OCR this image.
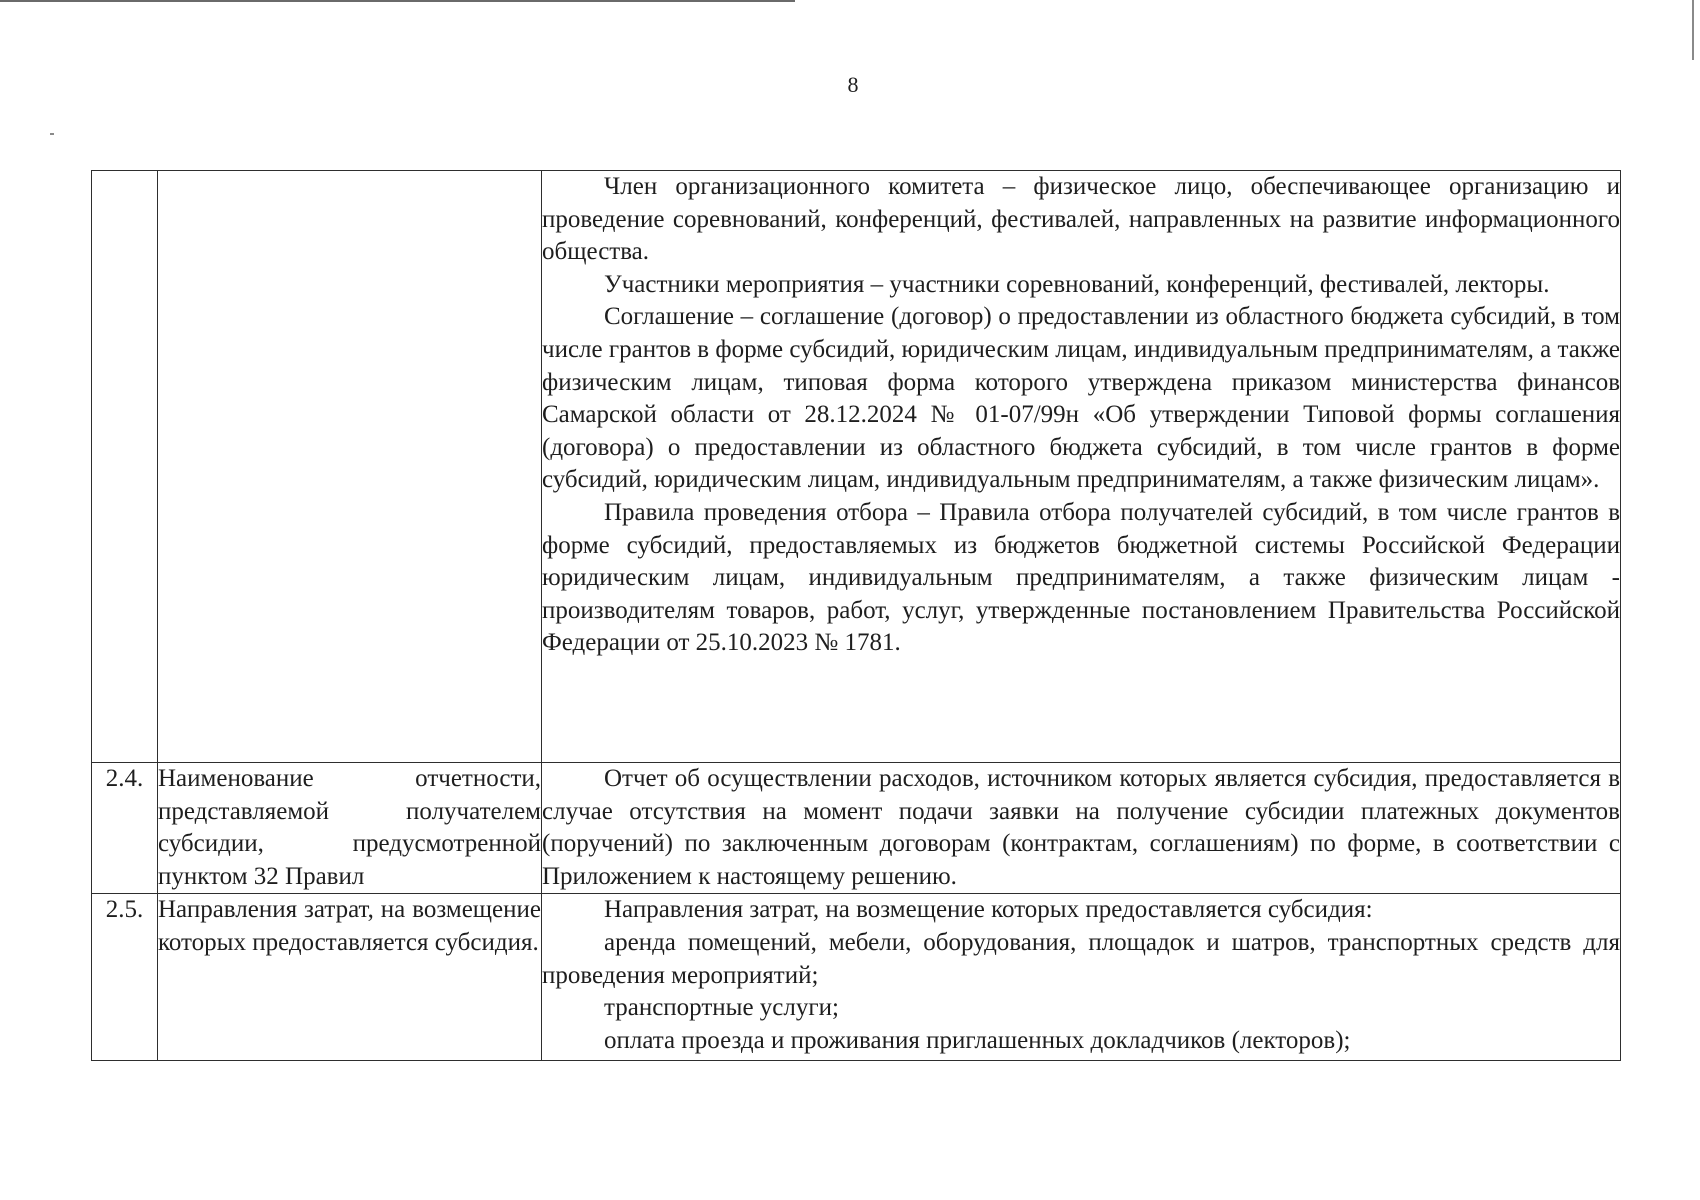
8

		Член организационного комитета – физическое лицо, обеспечивающее организацию и проведение соревнований, конференций, фестивалей, направленных на развитие информационного общества.

Участники мероприятия – участники соревнований, конференций, фестивалей, лекторы.

Соглашение – соглашение (договор) о предоставлении из областного бюджета субсидий, в том числе грантов в форме субсидий, юридическим лицам, индивидуальным предпринимателям, а также физическим лицам, типовая форма которого утверждена приказом министерства финансов Самарской области от 28.12.2024 № 01-07/99н «Об утверждении Типовой формы соглашения (договора) о предоставлении из областного бюджета субсидий, в том числе грантов в форме субсидий, юридическим лицам, индивидуальным предпринимателям, а также физическим лицам».

Правила проведения отбора – Правила отбора получателей субсидий, в том числе грантов в форме субсидий, предоставляемых из бюджетов бюджетной системы Российской Федерации юридическим лицам, индивидуальным предпринимателям, а также физическим лицам - производителям товаров, работ, услуг, утвержденные постановлением Правительства Российской Федерации от 25.10.2023 № 1781.

2.4.	Наименование отчетности, представляемой получателем субсидии, предусмотренной пунктом 32 Правил	Отчет об осуществлении расходов, источником которых является субсидия, предоставляется в случае отсутствия на момент подачи заявки на получение субсидии платежных документов (поручений) по заключенным договорам (контрактам, соглашениям) по форме, в соответствии с Приложением к настоящему решению.

2.5.	Направления затрат, на возмещение которых предоставляется субсидия.	Направления затрат, на возмещение которых предоставляется субсидия:

аренда помещений, мебели, оборудования, площадок и шатров, транспортных средств для проведения мероприятий;

транспортные услуги;

оплата проезда и проживания приглашенных докладчиков (лекторов);
